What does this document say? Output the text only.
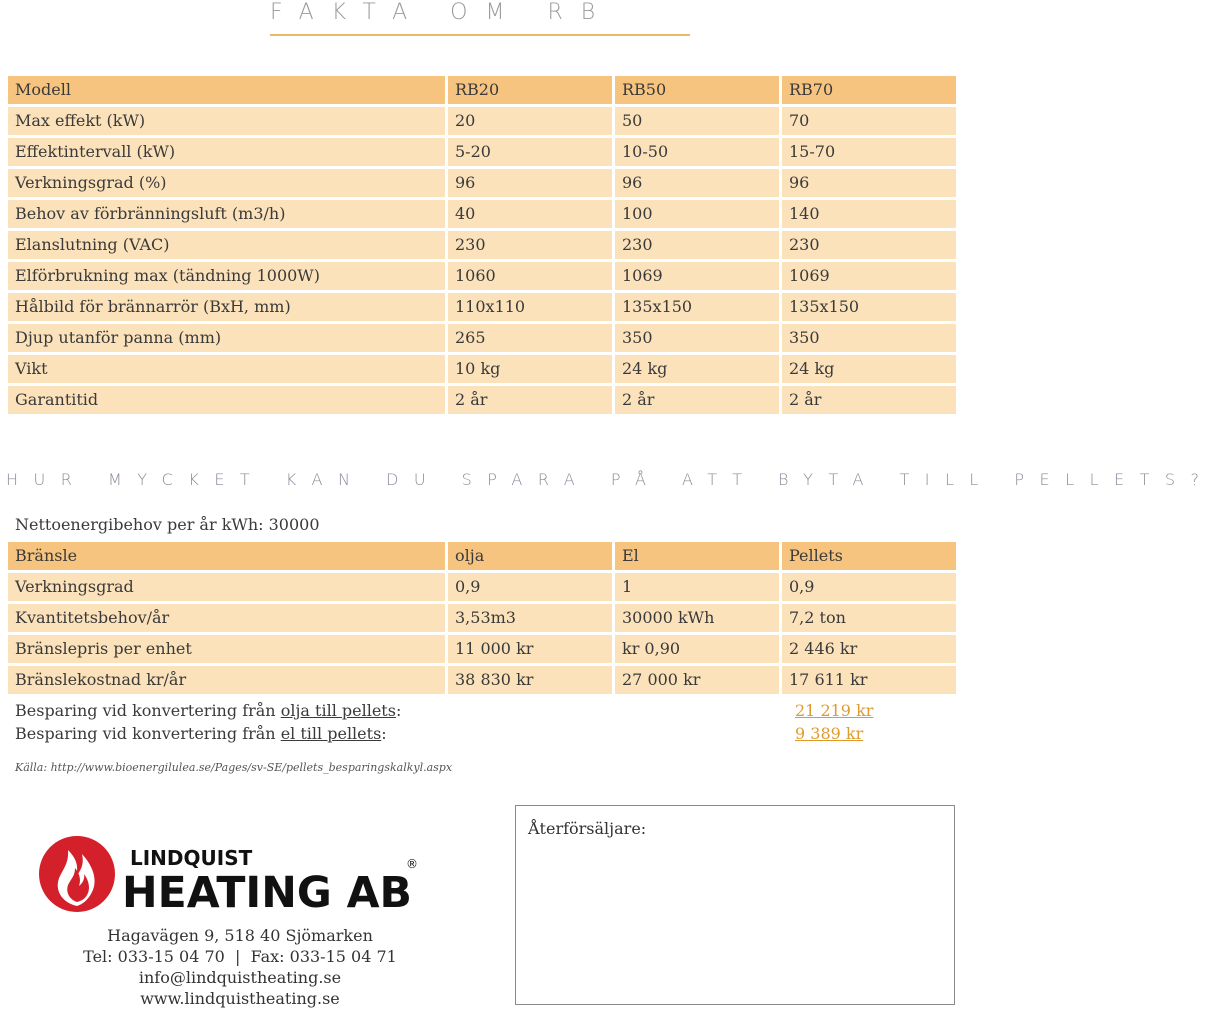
FAKTA OM RB
Modell	RB20	RB50	RB70
Max effekt (kW)	20	50	70
Effektintervall (kW)	5-20	10-50	15-70
Verkningsgrad (%)	96	96	96
Behov av förbränningsluft (m3/h)	40	100	140
Elanslutning (VAC)	230	230	230
Elförbrukning max (tändning 1000W)	1060	1069	1069
Hålbild för brännarrör (BxH, mm)	110x110	135x150	135x150
Djup utanför panna (mm)	265	350	350
Vikt	10 kg	24 kg	24 kg
Garantitid	2 år	2 år	2 år
HUR MYCKET KAN DU SPARA PÅ ATT BYTA TILL PELLETS?
Nettoenergibehov per år kWh: 30000
Bränsle	olja	El	Pellets
Verkningsgrad	0,9	1	0,9
Kvantitetsbehov/år	3,53m3	30000 kWh	7,2 ton
Bränslepris per enhet	11 000 kr	kr 0,90	2 446 kr
Bränslekostnad kr/år	38 830 kr	27 000 kr	17 611 kr
Besparing vid konvertering från olja till pellets:	21 219 kr
Besparing vid konvertering från el till pellets:	9 389 kr
Källa: http://www.bioenergilulea.se/Pages/sv-SE/pellets_besparingskalkyl.aspx
LINDQUIST
HEATING AB
®
Hagavägen 9, 518 40 Sjömarken
Tel: 033-15 04 70  |  Fax: 033-15 04 71
info@lindquistheating.se
www.lindquistheating.se
Återförsäljare:
